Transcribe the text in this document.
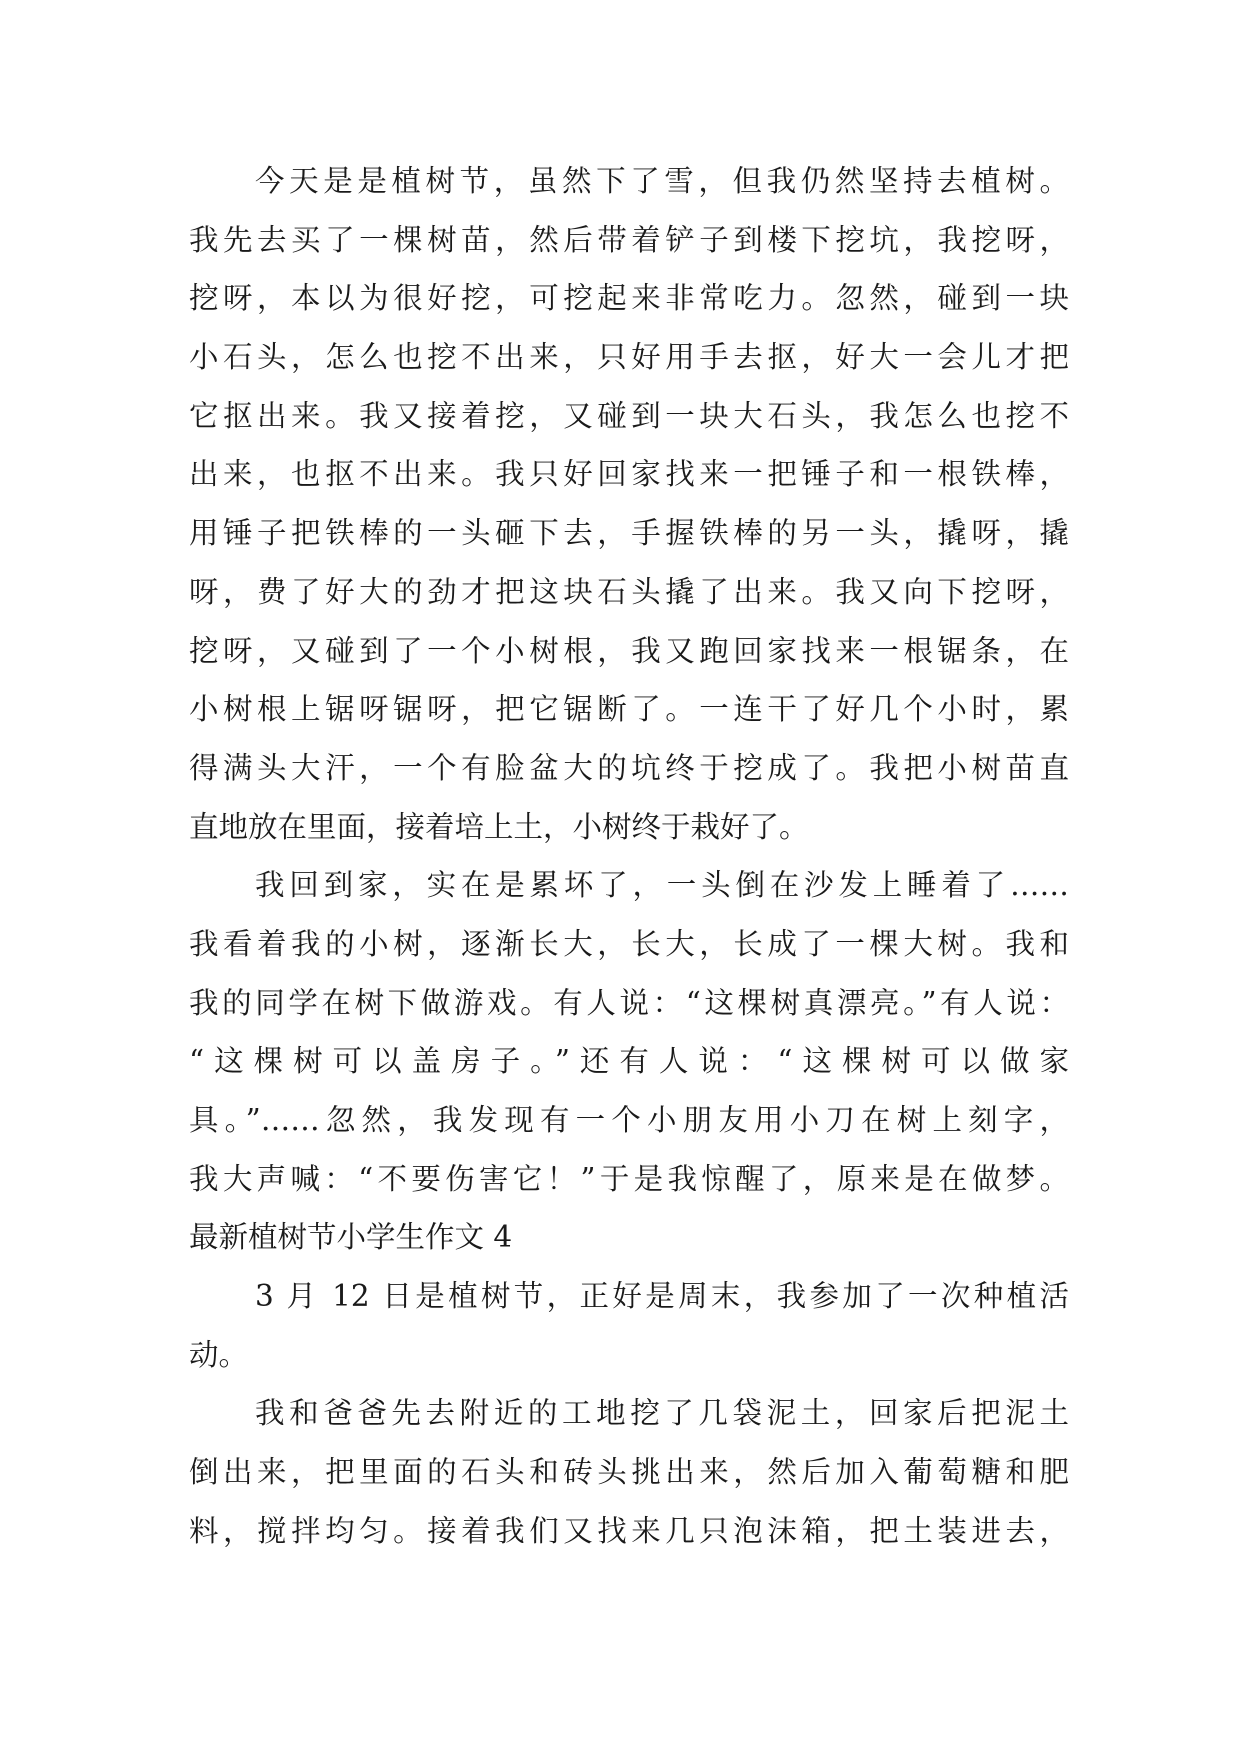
今天是是植树节，虽然下了雪，但我仍然坚持去植树。
我先去买了一棵树苗，然后带着铲子到楼下挖坑，我挖呀，
挖呀，本以为很好挖，可挖起来非常吃力。忽然，碰到一块
小石头，怎么也挖不出来，只好用手去抠，好大一会儿才把
它抠出来。我又接着挖，又碰到一块大石头，我怎么也挖不
出来，也抠不出来。我只好回家找来一把锤子和一根铁棒，
用锤子把铁棒的一头砸下去，手握铁棒的另一头，撬呀，撬
呀，费了好大的劲才把这块石头撬了出来。我又向下挖呀，
挖呀，又碰到了一个小树根，我又跑回家找来一根锯条，在
小树根上锯呀锯呀，把它锯断了。一连干了好几个小时，累
得满头大汗，一个有脸盆大的坑终于挖成了。我把小树苗直
直地放在里面，接着培上土，小树终于栽好了。
我回到家，实在是累坏了，一头倒在沙发上睡着了……
我看着我的小树，逐渐长大，长大，长成了一棵大树。我和
我的同学在树下做游戏。有人说：“这棵树真漂亮。”有人说：
“这棵树可以盖房子。”还有人说：“这棵树可以做家
具。”……忽然，我发现有一个小朋友用小刀在树上刻字，
我大声喊：“不要伤害它！”于是我惊醒了，原来是在做梦。
最新植树节小学生作文 4
3 月 12 日是植树节，正好是周末，我参加了一次种植活
动。
我和爸爸先去附近的工地挖了几袋泥土，回家后把泥土
倒出来，把里面的石头和砖头挑出来，然后加入葡萄糖和肥
料，搅拌均匀。接着我们又找来几只泡沫箱，把土装进去，
